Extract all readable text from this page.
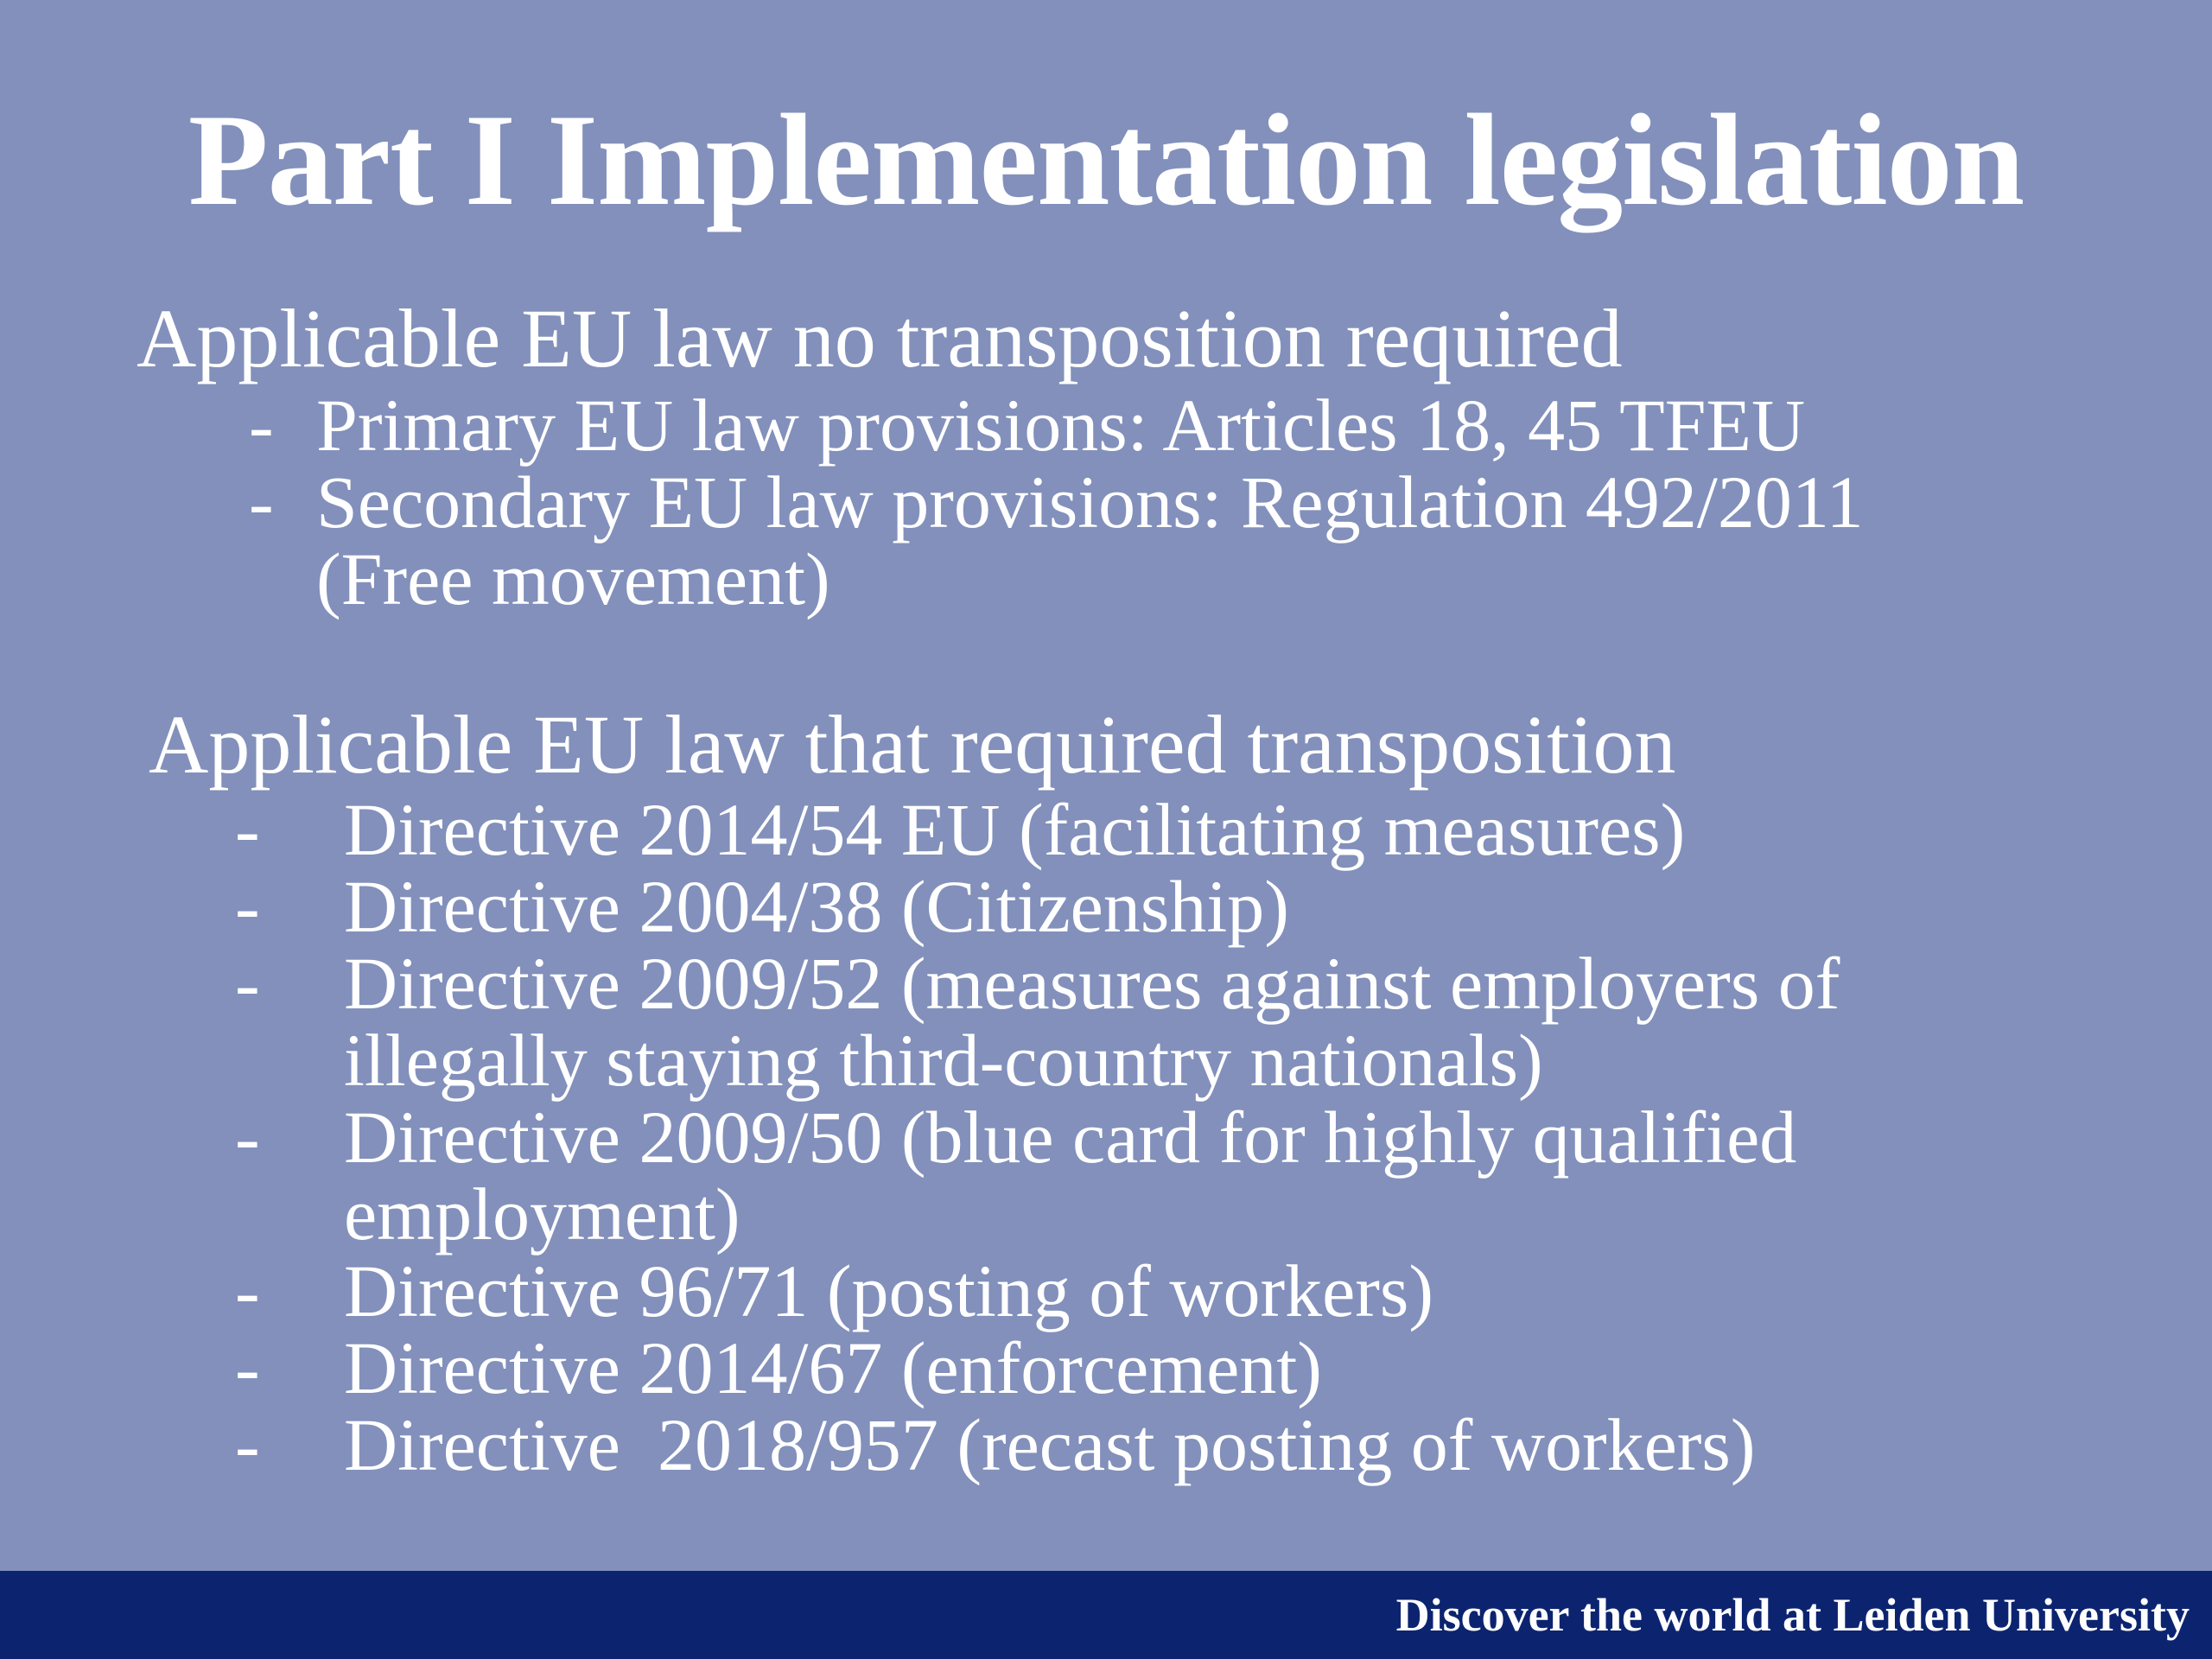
Part I Implementation legislation
Applicable EU law no transposition required
- Primary EU law provisions: Articles 18, 45 TFEU
- Secondary EU law provisions: Regulation 492/2011
(Free movement)
Applicable EU law that required transposition
- Directive 2014/54 EU (facilitating measures)
- Directive 2004/38 (Citizenship)
- Directive 2009/52 (measures against employers of
illegally staying third-country nationals)
- Directive 2009/50 (blue card for highly qualified
employment)
- Directive 96/71 (posting of workers)
- Directive 2014/67 (enforcement)
- Directive  2018/957 (recast posting of workers)
Discover the world at Leiden University
